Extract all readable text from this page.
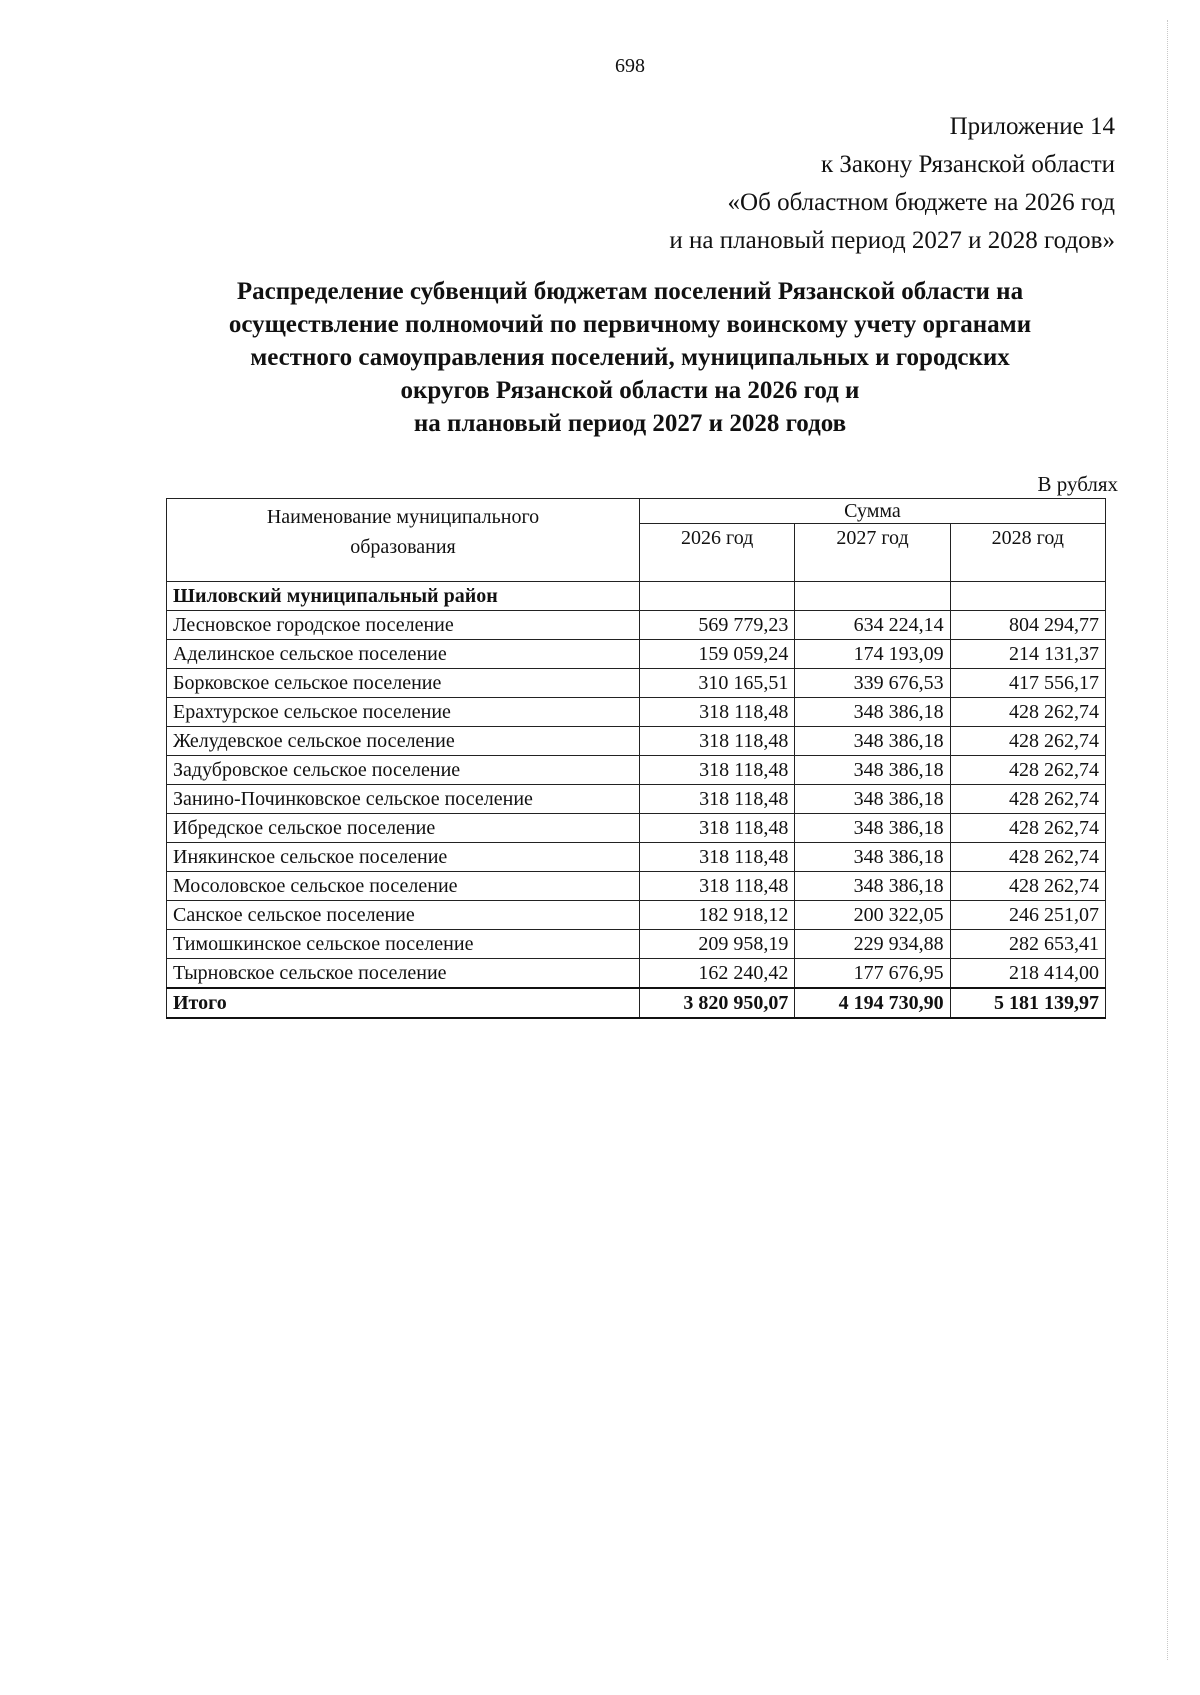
698
Приложение 14
к Закону Рязанской области
«Об областном бюджете на 2026 год
и на плановый период 2027 и 2028 годов»
Распределение субвенций бюджетам поселений Рязанской области на
осуществление полномочий по первичному воинскому учету органами
местного самоуправления поселений, муниципальных и городских
округов Рязанской области на 2026 год и
на плановый период 2027 и 2028 годов
В рублях
Наименование муниципального
образования	Сумма		
	2026 год	2027 год	2028 год
Шиловский муниципальный район			
Лесновское городское поселение	569 779,23	634 224,14	804 294,77
Аделинское сельское поселение	159 059,24	174 193,09	214 131,37
Борковское сельское поселение	310 165,51	339 676,53	417 556,17
Ерахтурское сельское поселение	318 118,48	348 386,18	428 262,74
Желудевское сельское поселение	318 118,48	348 386,18	428 262,74
Задубровское сельское поселение	318 118,48	348 386,18	428 262,74
Занино-Починковское сельское поселение	318 118,48	348 386,18	428 262,74
Ибредское сельское поселение	318 118,48	348 386,18	428 262,74
Инякинское сельское поселение	318 118,48	348 386,18	428 262,74
Мосоловское сельское поселение	318 118,48	348 386,18	428 262,74
Санское сельское поселение	182 918,12	200 322,05	246 251,07
Тимошкинское сельское поселение	209 958,19	229 934,88	282 653,41
Тырновское сельское поселение	162 240,42	177 676,95	218 414,00
Итого	3 820 950,07	4 194 730,90	5 181 139,97
